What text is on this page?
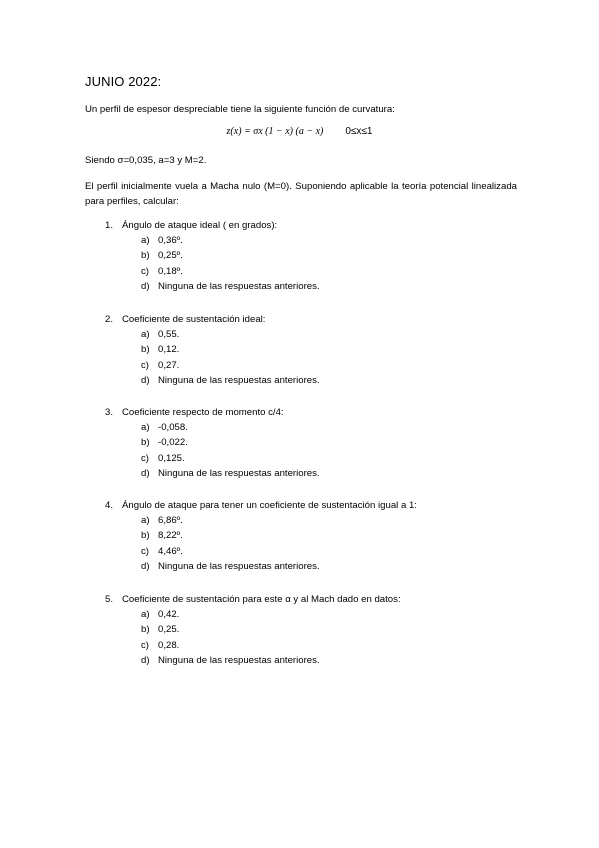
JUNIO 2022:
Un perfil de espesor despreciable tiene la siguiente función de curvatura:
z(x) = σx (1 − x) (a − x) 0≤x≤1
Siendo σ=0,035, a=3 y M=2.
El perfil inicialmente vuela a Macha nulo (M=0). Suponiendo aplicable la teoría potencial linealizada para perfiles, calcular:
1. Ángulo de ataque ideal ( en grados):
a) 0,36º.
b) 0,25º.
c) 0,18º.
d) Ninguna de las respuestas anteriores.
2. Coeficiente de sustentación ideal:
a) 0,55.
b) 0,12.
c) 0,27.
d) Ninguna de las respuestas anteriores.
3. Coeficiente respecto de momento c/4:
a) -0,058.
b) -0,022.
c) 0,125.
d) Ninguna de las respuestas anteriores.
4. Ángulo de ataque para tener un coeficiente de sustentación igual a 1:
a) 6,86º.
b) 8,22º.
c) 4,46º.
d) Ninguna de las respuestas anteriores.
5. Coeficiente de sustentación para este α y al Mach dado en datos:
a) 0,42.
b) 0,25.
c) 0,28.
d) Ninguna de las respuestas anteriores.
